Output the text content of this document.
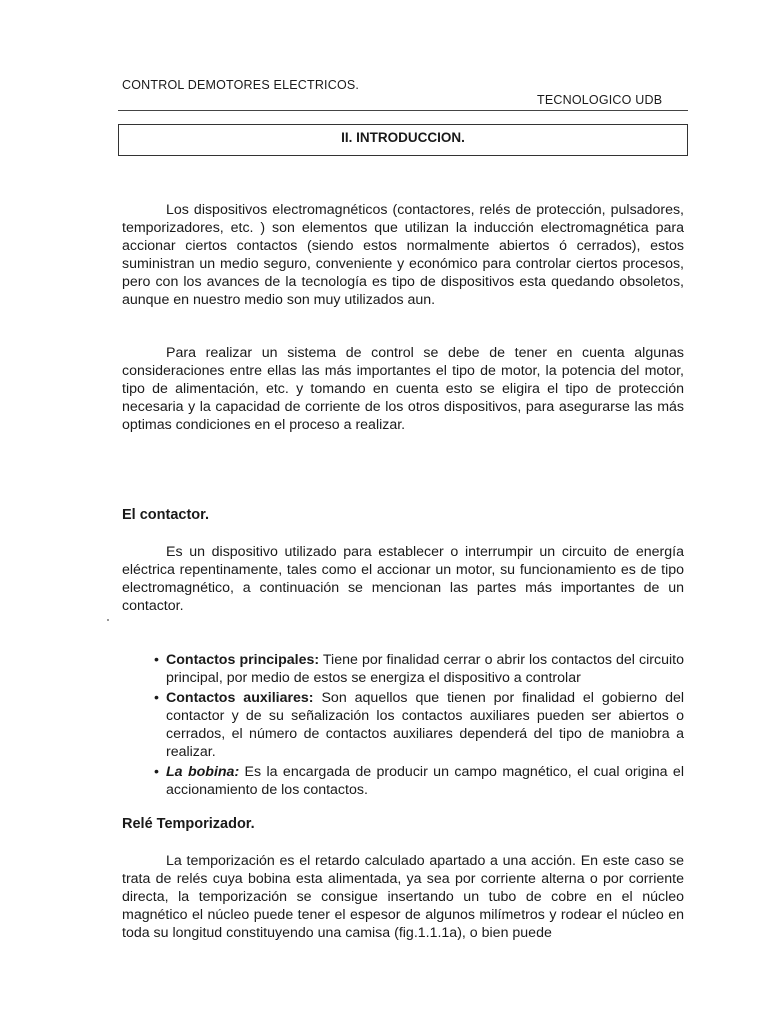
CONTROL DEMOTORES ELECTRICOS.
TECNOLOGICO UDB
II. INTRODUCCION.
Los dispositivos electromagnéticos (contactores, relés de protección, pulsadores, temporizadores, etc. ) son elementos que utilizan la inducción electromagnética para accionar ciertos contactos (siendo estos normalmente abiertos ó cerrados), estos suministran un medio seguro, conveniente y económico para controlar ciertos procesos, pero con los avances de la tecnología es tipo de dispositivos esta quedando obsoletos, aunque en nuestro medio son muy utilizados aun.
Para realizar un sistema de control se debe de tener en cuenta algunas consideraciones entre ellas las más importantes el tipo de motor, la potencia del motor, tipo de alimentación, etc. y tomando en cuenta esto se eligira el tipo de protección necesaria y la capacidad de corriente de los otros dispositivos, para asegurarse las más optimas condiciones en el proceso a realizar.
El contactor.
Es un dispositivo utilizado para establecer o interrumpir un circuito de energía eléctrica repentinamente, tales como el accionar un motor, su funcionamiento es de tipo electromagnético, a continuación se mencionan las partes más importantes de un contactor.
• Contactos principales: Tiene por finalidad cerrar o abrir los contactos del circuito principal, por medio de estos se energiza el dispositivo a controlar
• Contactos auxiliares: Son aquellos que tienen por finalidad el gobierno del contactor y de su señalización los contactos auxiliares pueden ser abiertos o cerrados, el número de contactos auxiliares dependerá del tipo de maniobra a realizar.
• La bobina: Es la encargada de producir un campo magnético, el cual origina el accionamiento de los contactos.
Relé Temporizador.
La temporización es el retardo calculado apartado a una acción. En este caso se trata de relés cuya bobina esta alimentada, ya sea por corriente alterna o por corriente directa, la temporización se consigue insertando un tubo de cobre en el núcleo magnético el núcleo puede tener el espesor de algunos milímetros y rodear el núcleo en toda su longitud constituyendo una camisa (fig.1.1.1a), o bien puede
